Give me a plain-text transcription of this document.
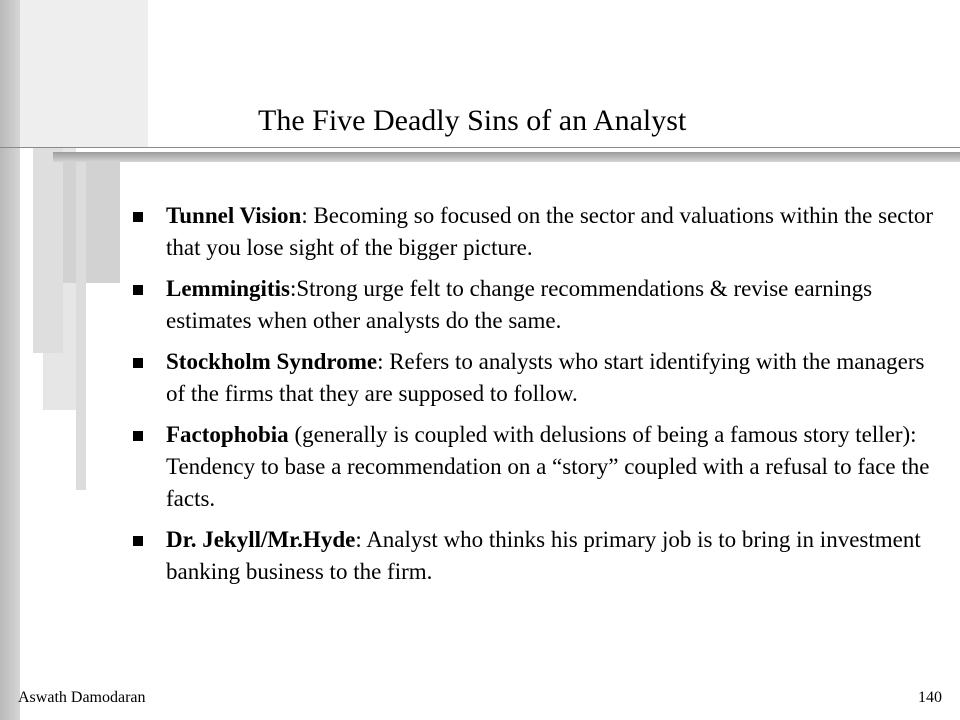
The Five Deadly Sins of an Analyst
Tunnel Vision: Becoming so focused on the sector and valuations within the sector that you lose sight of the bigger picture.
Lemmingitis:Strong urge felt to change recommendations & revise earnings estimates when other analysts do the same.
Stockholm Syndrome: Refers to analysts who start identifying with the managers of the firms that they are supposed to follow.
Factophobia (generally is coupled with delusions of being a famous story teller): Tendency to base a recommendation on a “story” coupled with a refusal to face the facts.
Dr. Jekyll/Mr.Hyde: Analyst who thinks his primary job is to bring in investment banking business to the firm.
Aswath Damodaran	140
